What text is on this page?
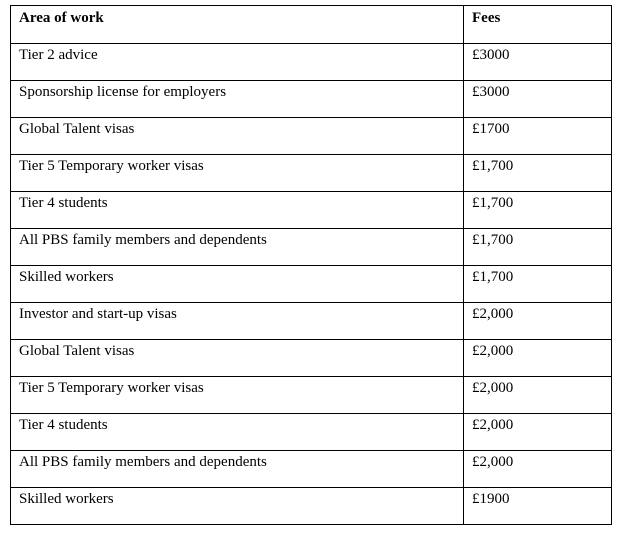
Area of work	Fees
Tier 2 advice	£3000
Sponsorship license for employers	£3000
Global Talent visas	£1700
Tier 5 Temporary worker visas	£1,700
Tier 4 students	£1,700
All PBS family members and dependents	£1,700
Skilled workers	£1,700
Investor and start-up visas	£2,000
Global Talent visas	£2,000
Tier 5 Temporary worker visas	£2,000
Tier 4 students	£2,000
All PBS family members and dependents	£2,000
Skilled workers	£1900
